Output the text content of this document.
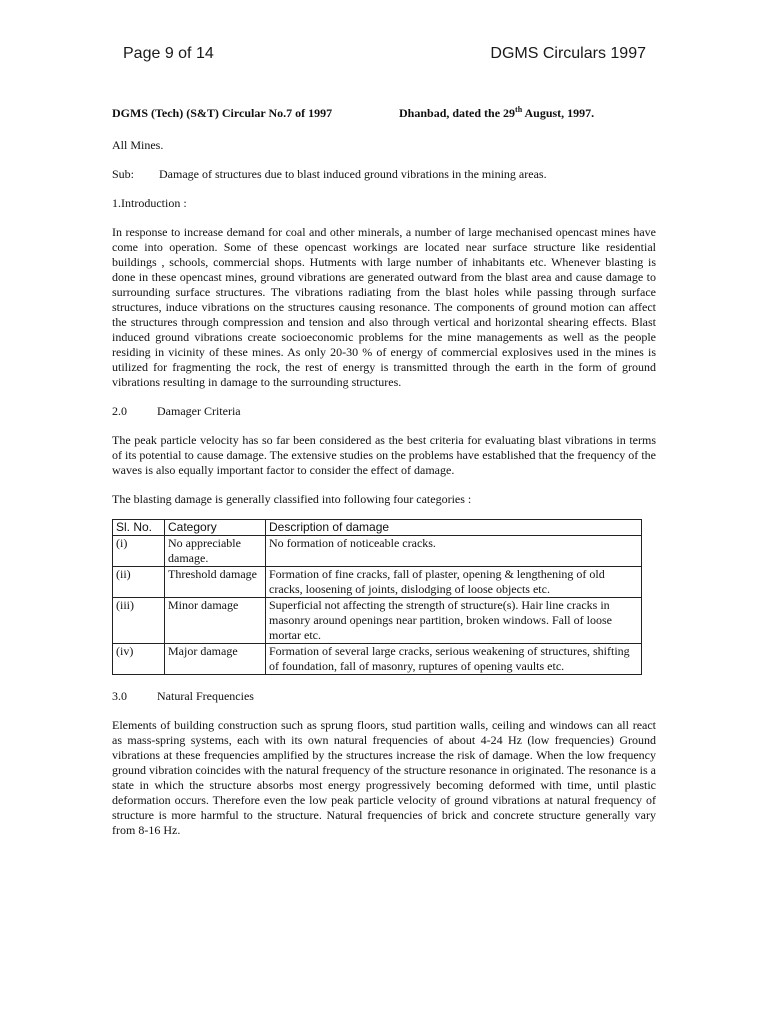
Page 9 of 14	DGMS Circulars 1997
DGMS (Tech) (S&T) Circular No.7 of 1997	Dhanbad, dated the 29th August, 1997.

All Mines.

Sub:	Damage of structures due to blast induced ground vibrations in the mining areas.

1.Introduction :

In response to increase demand for coal and other minerals, a number of large mechanised opencast mines have come into operation. Some of these opencast workings are located near surface structure like residential buildings , schools, commercial shops. Hutments with large number of inhabitants etc. Whenever blasting is done in these opencast mines, ground vibrations are generated outward from the blast area and cause damage to surrounding surface structures. The vibrations radiating from the blast holes while passing through surface structures, induce vibrations on the structures causing resonance. The components of ground motion can affect the structures through compression and tension and also through vertical and horizontal shearing effects. Blast induced ground vibrations create socioeconomic problems for the mine managements as well as the people residing in vicinity of these mines. As only 20-30 % of energy of commercial explosives used in the mines is utilized for fragmenting the rock, the rest of energy is transmitted through the earth in the form of ground vibrations resulting in damage to the surrounding structures.

2.0	Damager Criteria

The peak particle velocity has so far been considered as the best criteria for evaluating blast vibrations in terms of its potential to cause damage. The extensive studies on the problems have established that the frequency of the waves is also equally important factor to consider the effect of damage.

The blasting damage is generally classified into following four categories :

Sl. No.	Category	Description of damage
(i)	No appreciable damage.	No formation of noticeable cracks.
(ii)	Threshold damage	Formation of fine cracks, fall of plaster, opening & lengthening of old cracks, loosening of joints, dislodging of loose objects etc.
(iii)	Minor damage	Superficial not affecting the strength of structure(s). Hair line cracks in masonry around openings near partition, broken windows. Fall of loose mortar etc.
(iv)	Major damage	Formation of several large cracks, serious weakening of structures, shifting of foundation, fall of masonry, ruptures of opening vaults etc.
3.0	Natural Frequencies

Elements of building construction such as sprung floors, stud partition walls, ceiling and windows can all react as mass-spring systems, each with its own natural frequencies of about 4-24 Hz (low frequencies) Ground vibrations at these frequencies amplified by the structures increase the risk of damage. When the low frequency ground vibration coincides with the natural frequency of the structure resonance in originated. The resonance is a state in which the structure absorbs most energy progressively becoming deformed with time, until plastic deformation occurs. Therefore even the low peak particle velocity of ground vibrations at natural frequency of structure is more harmful to the structure. Natural frequencies of brick and concrete structure generally vary from 8-16 Hz.
